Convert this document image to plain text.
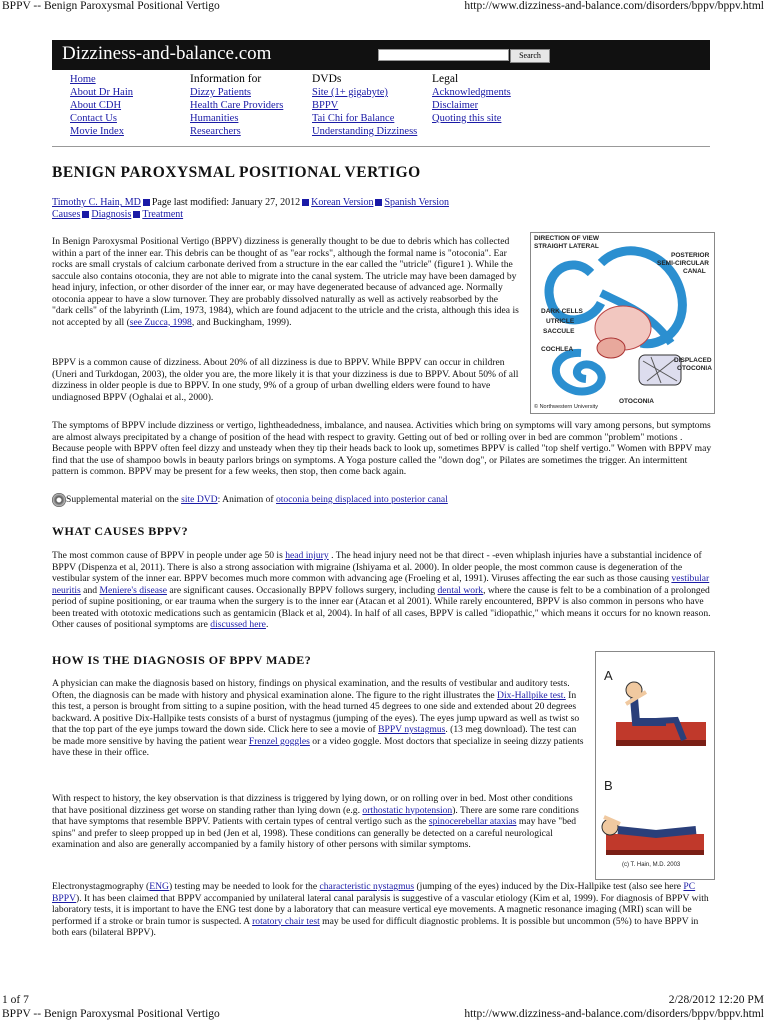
BPPV -- Benign Paroxysmal Positional Vertigo	http://www.dizziness-and-balance.com/disorders/bppv/bppv.html
Dizziness-and-balance.com	Search
Home
About Dr Hain
About CDH
Contact Us
Movie Index
Information for
Dizzy Patients
Health Care Providers
Humanities
Researchers
DVDs
Site (1+ gigabyte)
BPPV
Tai Chi for Balance
Understanding Dizziness
Legal
Acknowledgments
Disclaimer
Quoting this site
BENIGN PAROXYSMAL POSITIONAL VERTIGO
Timothy C. Hain, MD Page last modified: January 27, 2012 Korean Version Spanish Version
Causes Diagnosis Treatment

In Benign Paroxysmal Positional Vertigo (BPPV) dizziness is generally thought to be due to debris which has collected within a part of the inner ear. This debris can be thought of as "ear rocks", although the formal name is "otoconia". Ear rocks are small crystals of calcium carbonate derived from a structure in the ear called the "utricle" (figure1 ). While the saccule also contains otoconia, they are not able to migrate into the canal system. The utricle may have been damaged by head injury, infection, or other disorder of the inner ear, or may have degenerated because of advanced age. Normally otoconia appear to have a slow turnover. They are probably dissolved naturally as well as actively reabsorbed by the "dark cells" of the labyrinth (Lim, 1973, 1984), which are found adjacent to the utricle and the crista, although this idea is not accepted by all (see Zucca, 1998, and Buckingham, 1999).

BPPV is a common cause of dizziness. About 20% of all dizziness is due to BPPV. While BPPV can occur in children (Uneri and Turkdogan, 2003), the older you are, the more likely it is that your dizziness is due to BPPV. About 50% of all dizziness in older people is due to BPPV. In one study, 9% of a group of urban dwelling elders were found to have undiagnosed BPPV (Oghalai et al., 2000).

DIRECTION OF VIEW
STRAIGHT LATERAL
POSTERIOR
SEMI-CIRCULAR
CANAL
DARK CELLS
UTRICLE
SACCULE
COCHLEA
DISPLACED
OTOCONIA
OTOCONIA
© Northwestern University

The symptoms of BPPV include dizziness or vertigo, lightheadedness, imbalance, and nausea. Activities which bring on symptoms will vary among persons, but symptoms are almost always precipitated by a change of position of the head with respect to gravity. Getting out of bed or rolling over in bed are common "problem" motions . Because people with BPPV often feel dizzy and unsteady when they tip their heads back to look up, sometimes BPPV is called "top shelf vertigo." Women with BPPV may find that the use of shampoo bowls in beauty parlors brings on symptoms. A Yoga posture called the "down dog", or Pilates are sometimes the trigger. An intermittent pattern is common. BPPV may be present for a few weeks, then stop, then come back again.

Supplemental material on the site DVD: Animation of otoconia being displaced into posterior canal
WHAT CAUSES BPPV?

The most common cause of BPPV in people under age 50 is head injury . The head injury need not be that direct - -even whiplash injuries have a substantial incidence of BPPV (Dispenza et al, 2011). There is also a strong association with migraine (Ishiyama et al. 2000). In older people, the most common cause is degeneration of the vestibular system of the inner ear. BPPV becomes much more common with advancing age (Froeling et al, 1991). Viruses affecting the ear such as those causing vestibular neuritis and Meniere's disease are significant causes. Occasionally BPPV follows surgery, including dental work, where the cause is felt to be a combination of a prolonged period of supine positioning, or ear trauma when the surgery is to the inner ear (Atacan et al 2001). While rarely encountered, BPPV is also common in persons who have been treated with ototoxic medications such as gentamicin (Black et al, 2004). In half of all cases, BPPV is called "idiopathic," which means it occurs for no known reason. Other causes of positional symptoms are discussed here.

HOW IS THE DIAGNOSIS OF BPPV MADE?

A physician can make the diagnosis based on history, findings on physical examination, and the results of vestibular and auditory tests. Often, the diagnosis can be made with history and physical examination alone. The figure to the right illustrates the Dix-Hallpike test. In this test, a person is brought from sitting to a supine position, with the head turned 45 degrees to one side and extended about 20 degrees backward. A positive Dix-Hallpike tests consists of a burst of nystagmus (jumping of the eyes). The eyes jump upward as well as twist so that the top part of the eye jumps toward the down side. Click here to see a movie of BPPV nystagmus. (13 meg download). The test can be made more sensitive by having the patient wear Frenzel goggles or a video goggle. Most doctors that specialize in seeing dizzy patients have these in their office.

With respect to history, the key observation is that dizziness is triggered by lying down, or on rolling over in bed. Most other conditions that have positional dizziness get worse on standing rather than lying down (e.g. orthostatic hypotension). There are some rare conditions that have symptoms that resemble BPPV. Patients with certain types of central vertigo such as the spinocerebellar ataxias may have "bed spins" and prefer to sleep propped up in bed (Jen et al, 1998). These conditions can generally be detected on a careful neurological examination and also are generally accompanied by a family history of other persons with similar symptoms.

A
B
(c) T. Hain, M.D. 2003

Electronystagmography (ENG) testing may be needed to look for the characteristic nystagmus (jumping of the eyes) induced by the Dix-Hallpike test (also see here PC BPPV). It has been claimed that BPPV accompanied by unilateral lateral canal paralysis is suggestive of a vascular etiology (Kim et al, 1999). For diagnosis of BPPV with laboratory tests, it is important to have the ENG test done by a laboratory that can measure vertical eye movements. A magnetic resonance imaging (MRI) scan will be performed if a stroke or brain tumor is suspected. A rotatory chair test may be used for difficult diagnostic problems. It is possible but uncommon (5%) to have BPPV in both ears (bilateral BPPV).

1 of 7	2/28/2012 12:20 PM
BPPV -- Benign Paroxysmal Positional Vertigo	http://www.dizziness-and-balance.com/disorders/bppv/bppv.html
